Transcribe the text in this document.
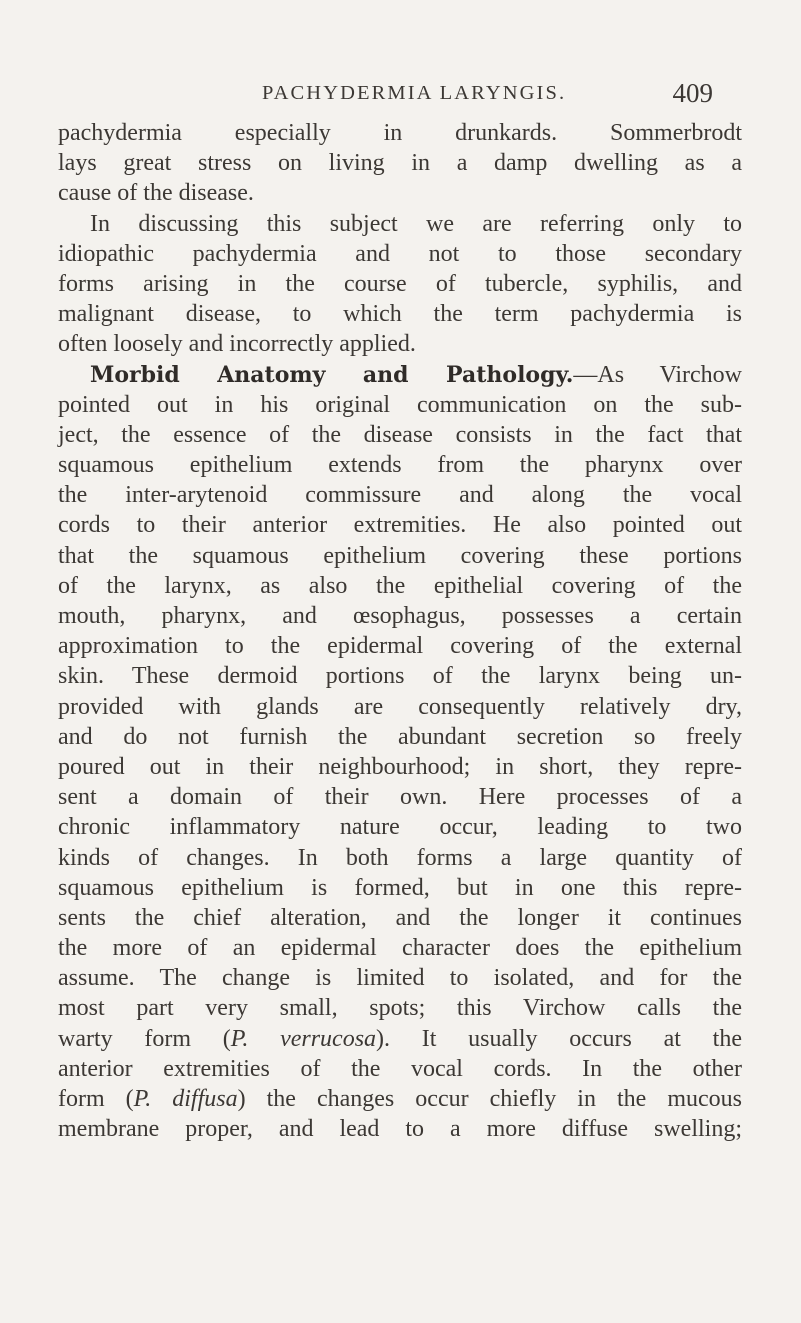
PACHYDERMIA LARYNGIS.	409
pachydermia especially in drunkards. Sommerbrodt
lays great stress on living in a damp dwelling as a
cause of the disease.
In discussing this subject we are referring only to
idiopathic pachydermia and not to those secondary
forms arising in the course of tubercle, syphilis, and
malignant disease, to which the term pachydermia is
often loosely and incorrectly applied.
Morbid Anatomy and Pathology.—As Virchow
pointed out in his original communication on the sub-
ject, the essence of the disease consists in the fact that
squamous epithelium extends from the pharynx over
the inter-arytenoid commissure and along the vocal
cords to their anterior extremities. He also pointed out
that the squamous epithelium covering these portions
of the larynx, as also the epithelial covering of the
mouth, pharynx, and œsophagus, possesses a certain
approximation to the epidermal covering of the external
skin. These dermoid portions of the larynx being un-
provided with glands are consequently relatively dry,
and do not furnish the abundant secretion so freely
poured out in their neighbourhood; in short, they repre-
sent a domain of their own. Here processes of a
chronic inflammatory nature occur, leading to two
kinds of changes. In both forms a large quantity of
squamous epithelium is formed, but in one this repre-
sents the chief alteration, and the longer it continues
the more of an epidermal character does the epithelium
assume. The change is limited to isolated, and for the
most part very small, spots; this Virchow calls the
warty form (P. verrucosa). It usually occurs at the
anterior extremities of the vocal cords. In the other
form (P. diffusa) the changes occur chiefly in the mucous
membrane proper, and lead to a more diffuse swelling;
